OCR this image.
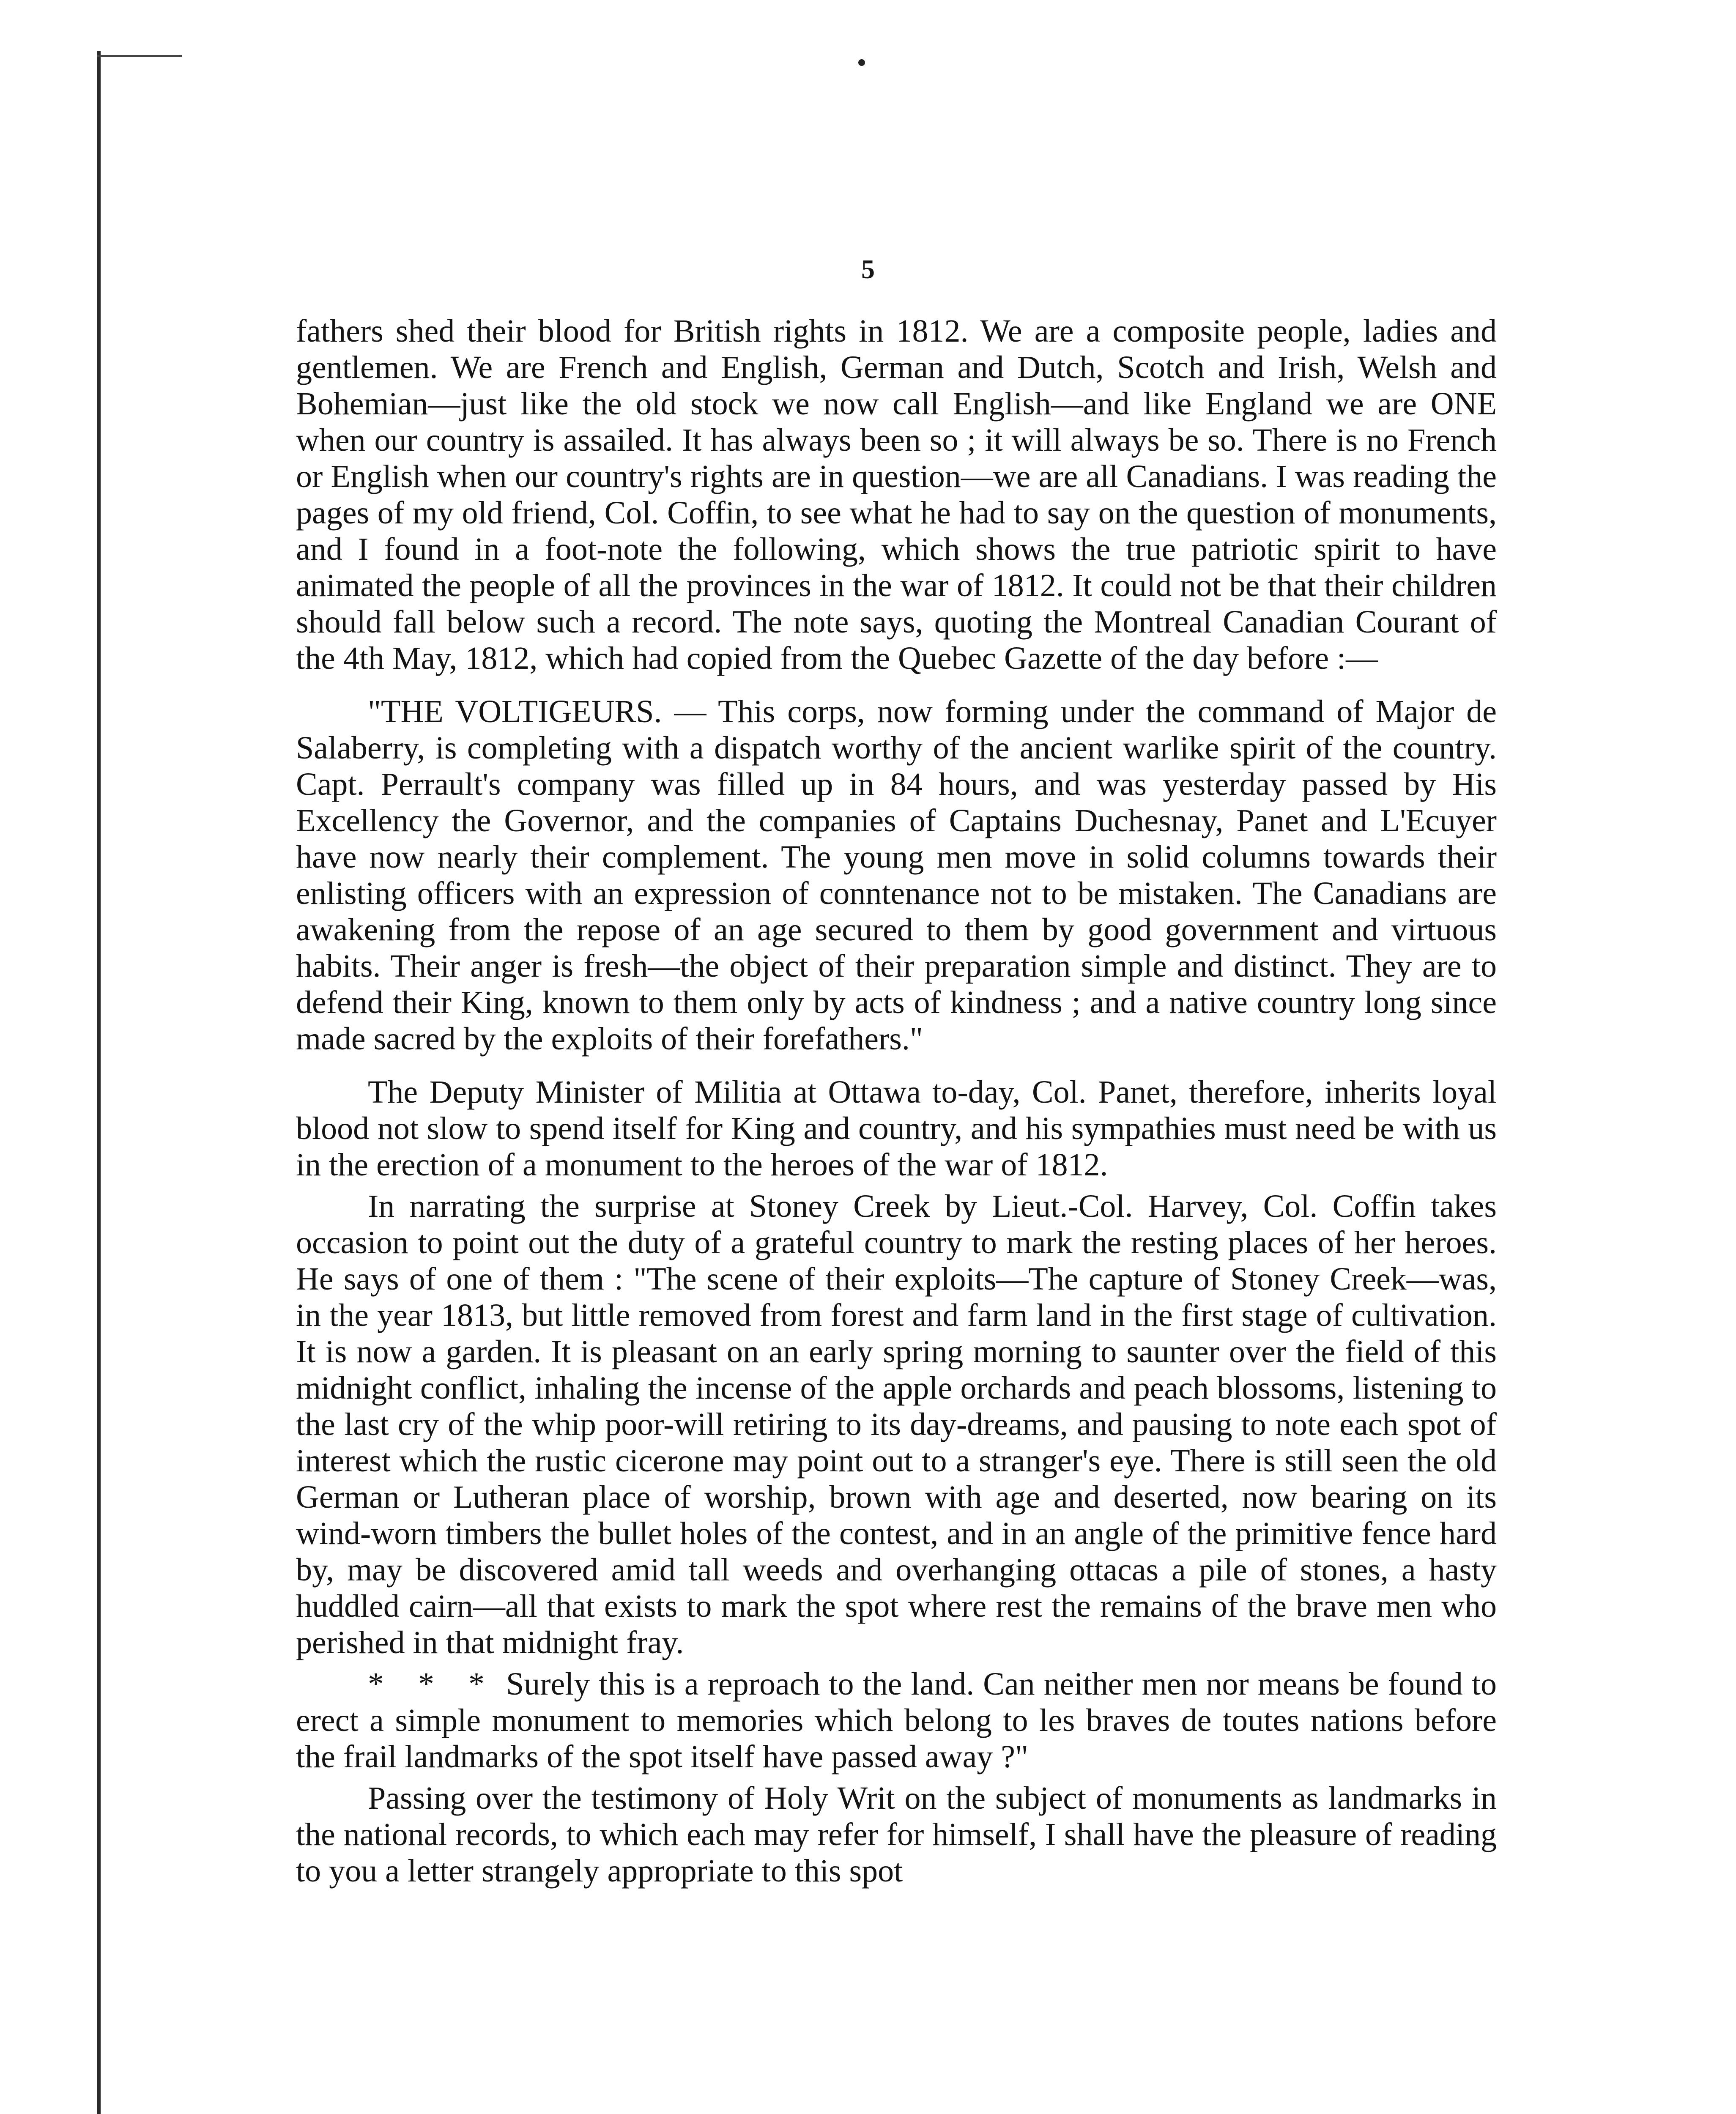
5

fathers shed their blood for British rights in 1812. We are a composite people, ladies and gentlemen. We are French and English, German and Dutch, Scotch and Irish, Welsh and Bohemian—just like the old stock we now call English—and like England we are ONE when our country is assailed. It has always been so ; it will always be so. There is no French or English when our country's rights are in question—we are all Canadians. I was reading the pages of my old friend, Col. Coffin, to see what he had to say on the question of monuments, and I found in a foot-note the following, which shows the true patriotic spirit to have animated the people of all the provinces in the war of 1812. It could not be that their children should fall below such a record. The note says, quoting the Montreal Canadian Courant of the 4th May, 1812, which had copied from the Quebec Gazette of the day before :—

"THE VOLTIGEURS. — This corps, now forming under the command of Major de Salaberry, is completing with a dispatch worthy of the ancient warlike spirit of the country. Capt. Perrault's company was filled up in 84 hours, and was yesterday passed by His Excellency the Governor, and the companies of Captains Duchesnay, Panet and L'Ecuyer have now nearly their complement. The young men move in solid columns towards their enlisting officers with an expression of conntenance not to be mistaken. The Canadians are awakening from the repose of an age secured to them by good government and virtuous habits. Their anger is fresh—the object of their preparation simple and distinct. They are to defend their King, known to them only by acts of kindness ; and a native country long since made sacred by the exploits of their forefathers."

The Deputy Minister of Militia at Ottawa to-day, Col. Panet, therefore, inherits loyal blood not slow to spend itself for King and country, and his sympathies must need be with us in the erection of a monument to the heroes of the war of 1812.

In narrating the surprise at Stoney Creek by Lieut.-Col. Harvey, Col. Coffin takes occasion to point out the duty of a grateful country to mark the resting places of her heroes. He says of one of them : "The scene of their exploits—The capture of Stoney Creek—was, in the year 1813, but little removed from forest and farm land in the first stage of cultivation. It is now a garden. It is pleasant on an early spring morning to saunter over the field of this midnight conflict, inhaling the incense of the apple orchards and peach blossoms, listening to the last cry of the whip poor-will retiring to its day-dreams, and pausing to note each spot of interest which the rustic cicerone may point out to a stranger's eye. There is still seen the old German or Lutheran place of worship, brown with age and deserted, now bearing on its wind-worn timbers the bullet holes of the contest, and in an angle of the primitive fence hard by, may be discovered amid tall weeds and overhanging ottacas a pile of stones, a hasty huddled cairn—all that exists to mark the spot where rest the remains of the brave men who perished in that midnight fray.

* * * Surely this is a reproach to the land. Can neither men nor means be found to erect a simple monument to memories which belong to les braves de toutes nations before the frail landmarks of the spot itself have passed away ?"

Passing over the testimony of Holy Writ on the subject of monuments as landmarks in the national records, to which each may refer for himself, I shall have the pleasure of reading to you a letter strangely appropriate to this spot
